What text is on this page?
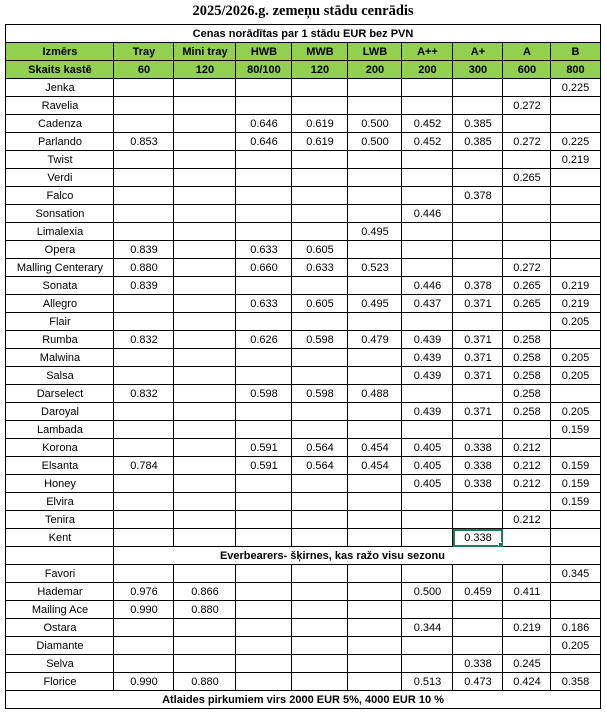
2025/2026.g. zemeņu stādu cenrādis
Cenas norādītas par 1 stādu EUR bez PVN									
Izmērs	Tray	Mini tray	HWB	MWB	LWB	A++	A+	A	B
Skaits kastē	60	120	80/100	120	200	200	300	600	800
Jenka									0.225
Ravelia								0.272	
Cadenza			0.646	0.619	0.500	0.452	0.385		
Parlando	0.853		0.646	0.619	0.500	0.452	0.385	0.272	0.225
Twist									0.219
Verdi								0.265	
Falco							0.378		
Sonsation						0.446			
Limalexia					0.495				
Opera	0.839		0.633	0.605					
Malling Centerary	0.880		0.660	0.633	0.523			0.272	
Sonata	0.839					0.446	0.378	0.265	0.219
Allegro			0.633	0.605	0.495	0.437	0.371	0.265	0.219
Flair									0.205
Rumba	0.832		0.626	0.598	0.479	0.439	0.371	0.258	
Malwina						0.439	0.371	0.258	0.205
Salsa						0.439	0.371	0.258	0.205
Darselect	0.832		0.598	0.598	0.488			0.258	
Daroyal						0.439	0.371	0.258	0.205
Lambada									0.159
Korona			0.591	0.564	0.454	0.405	0.338	0.212	
Elsanta	0.784		0.591	0.564	0.454	0.405	0.338	0.212	0.159
Honey						0.405	0.338	0.212	0.159
Elvira									0.159
Tenira								0.212	
Kent							0.338		
	Everbearers- šķirnes, kas ražo visu sezonu								
Favori									0.345
Hademar	0.976	0.866				0.500	0.459	0.411	
Mailing Ace	0.990	0.880							
Ostara						0.344		0.219	0.186
Diamante									0.205
Selva							0.338	0.245	
Florice	0.990	0.880				0.513	0.473	0.424	0.358
Atlaides pirkumiem virs 2000 EUR 5%, 4000 EUR 10 %									
